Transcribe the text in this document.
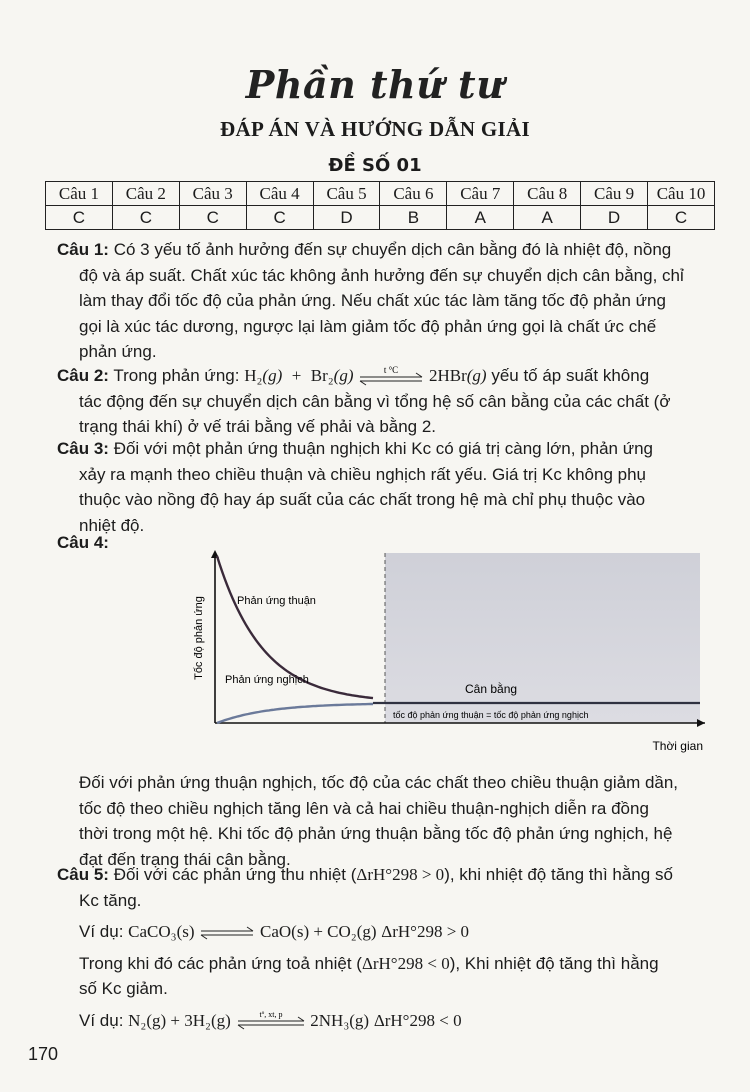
Phần thứ tư
ĐÁP ÁN VÀ HƯỚNG DẪN GIẢI
ĐỀ SỐ 01
Câu 1	Câu 2	Câu 3	Câu 4	Câu 5	Câu 6	Câu 7	Câu 8	Câu 9	Câu 10
C	C	C	C	D	B	A	A	D	C
Câu 1: Có 3 yếu tố ảnh hưởng đến sự chuyển dịch cân bằng đó là nhiệt độ, nồng
độ và áp suất. Chất xúc tác không ảnh hưởng đến sự chuyển dịch cân bằng, chỉ
làm thay đổi tốc độ của phản ứng. Nếu chất xúc tác làm tăng tốc độ phản ứng
gọi là xúc tác dương, ngược lại làm giảm tốc độ phản ứng gọi là chất ức chế
phản ứng.
Câu 2: Trong phản ứng: H₂(g) + Br₂(g)	t °C 2HBr(g) yếu tố áp suất không
tác động đến sự chuyển dịch cân bằng vì tổng hệ số cân bằng của các chất (ở
trạng thái khí) ở vế trái bằng vế phải và bằng 2.
Câu 3: Đối với một phản ứng thuận nghịch khi Kc có giá trị càng lớn, phản ứng
xảy ra mạnh theo chiều thuận và chiều nghịch rất yếu. Giá trị Kc không phụ
thuộc vào nồng độ hay áp suất của các chất trong hệ mà chỉ phụ thuộc vào
nhiệt độ.
Câu 4:
Tốc độ phản ứng
Thời gian
Phản ứng thuận
Phản ứng nghịch
Cân bằng
tốc độ phản ứng thuận = tốc độ phản ứng nghịch
Đối với phản ứng thuận nghịch, tốc độ của các chất theo chiều thuận giảm dần,
tốc độ theo chiều nghịch tăng lên và cả hai chiều thuận-nghịch diễn ra đồng
thời trong một hệ. Khi tốc độ phản ứng thuận bằng tốc độ phản ứng nghịch, hệ
đạt đến trạng thái cân bằng.
Câu 5: Đối với các phản ứng thu nhiệt (ΔrH°298 > 0), khi nhiệt độ tăng thì hằng số
Kc tăng.
Ví dụ: CaCO₃(s) ⇌ CaO(s) + CO₂(g) ΔrH°298 > 0
Trong khi đó các phản ứng toả nhiệt (ΔrH°298 < 0), Khi nhiệt độ tăng thì hằng
số Kc giảm.
Ví dụ: N₂(g) + 3H₂(g)	tº, xt, p 2NH₃(g) ΔrH°298 < 0
170
